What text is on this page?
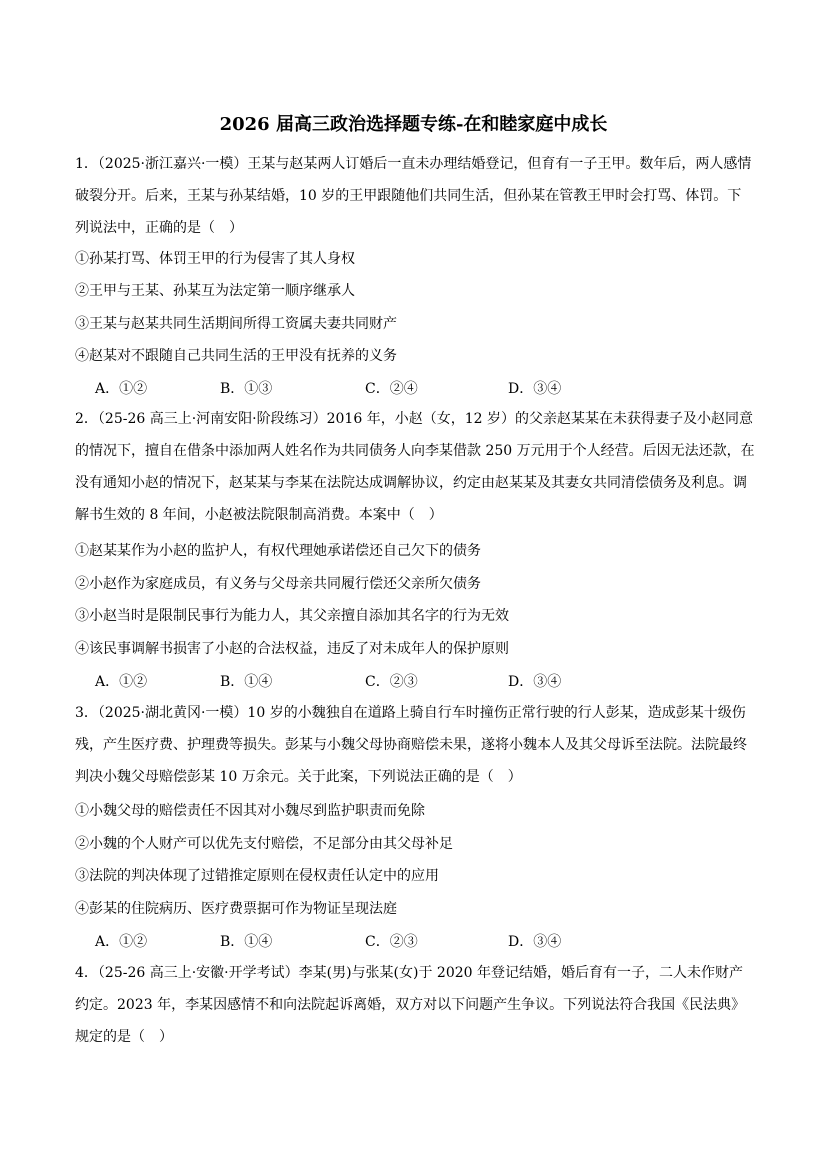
2026 届高三政治选择题专练-在和睦家庭中成长
1．（2025·浙江嘉兴·一模）王某与赵某两人订婚后一直未办理结婚登记，但育有一子王甲。数年后，两人感情破裂分开。后来，王某与孙某结婚，10 岁的王甲跟随他们共同生活，但孙某在管教王甲时会打骂、体罚。下列说法中，正确的是（　）
①孙某打骂、体罚王甲的行为侵害了其人身权
②王甲与王某、孙某互为法定第一顺序继承人
③王某与赵某共同生活期间所得工资属夫妻共同财产
④赵某对不跟随自己共同生活的王甲没有抚养的义务
A．①②	B．①③	C．②④	D．③④
2．（25-26 高三上·河南安阳·阶段练习）2016 年，小赵（女，12 岁）的父亲赵某某在未获得妻子及小赵同意的情况下，擅自在借条中添加两人姓名作为共同债务人向李某借款 250 万元用于个人经营。后因无法还款，在没有通知小赵的情况下，赵某某与李某在法院达成调解协议，约定由赵某某及其妻女共同清偿债务及利息。调解书生效的 8 年间，小赵被法院限制高消费。本案中（　）
①赵某某作为小赵的监护人，有权代理她承诺偿还自己欠下的债务
②小赵作为家庭成员，有义务与父母亲共同履行偿还父亲所欠债务
③小赵当时是限制民事行为能力人，其父亲擅自添加其名字的行为无效
④该民事调解书损害了小赵的合法权益，违反了对未成年人的保护原则
A．①②	B．①④	C．②③	D．③④
3．（2025·湖北黄冈·一模）10 岁的小魏独自在道路上骑自行车时撞伤正常行驶的行人彭某，造成彭某十级伤残，产生医疗费、护理费等损失。彭某与小魏父母协商赔偿未果，遂将小魏本人及其父母诉至法院。法院最终判决小魏父母赔偿彭某 10 万余元。关于此案，下列说法正确的是（　）
①小魏父母的赔偿责任不因其对小魏尽到监护职责而免除
②小魏的个人财产可以优先支付赔偿，不足部分由其父母补足
③法院的判决体现了过错推定原则在侵权责任认定中的应用
④彭某的住院病历、医疗费票据可作为物证呈现法庭
A．①②	B．①④	C．②③	D．③④
4．（25-26 高三上·安徽·开学考试）李某(男)与张某(女)于 2020 年登记结婚，婚后育有一子，二人未作财产约定。2023 年，李某因感情不和向法院起诉离婚，双方对以下问题产生争议。下列说法符合我国《民法典》规定的是（　）
